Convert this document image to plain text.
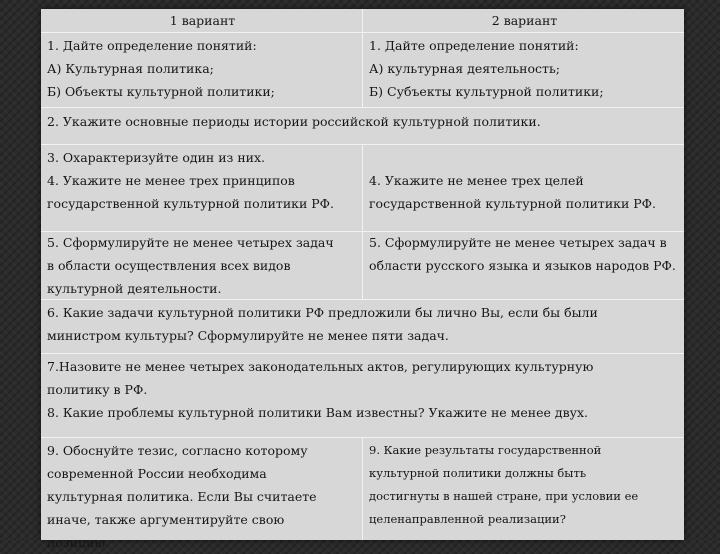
1 вариант	2 вариант
1. Дайте определение понятий:
А) Культурная политика;
Б) Объекты культурной политики;
1. Дайте определение понятий:
А) культурная деятельность;
Б) Субъекты культурной политики;
2. Укажите основные периоды истории российской культурной политики.
3. Охарактеризуйте один из них.
4. Укажите не менее трех принципов
государственной культурной политики РФ.
4. Укажите не менее трех целей
государственной культурной политики РФ.
5. Сформулируйте не менее четырех задач
в области осуществления всех видов
культурной деятельности.
5. Сформулируйте не менее четырех задач в
области русского языка и языков народов РФ.
6. Какие задачи культурной политики РФ предложили бы лично Вы, если бы были
министром культуры? Сформулируйте не менее пяти задач.
7.Назовите не менее четырех законодательных актов, регулирующих культурную
политику в РФ.
8. Какие проблемы культурной политики Вам известны? Укажите не менее двух.
9. Обоснуйте тезис, согласно которому
современной России необходима
культурная политика. Если Вы считаете
иначе, также аргументируйте свою
позицию.
9. Какие результаты государственной
культурной политики должны быть
достигнуты в нашей стране, при условии ее
целенаправленной реализации?
